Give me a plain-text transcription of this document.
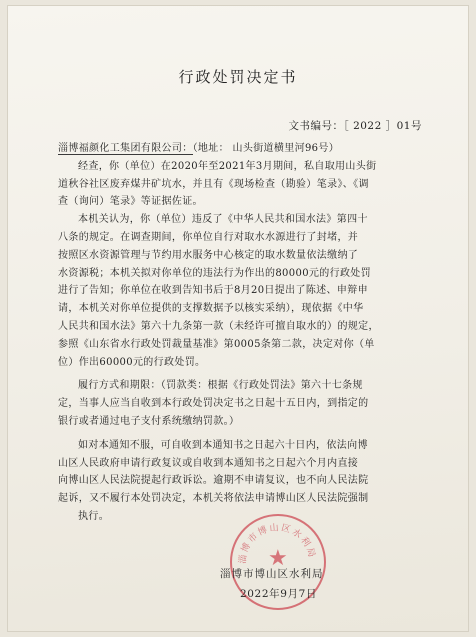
行政处罚决定书
文书编号：［ 2022 ］01号
淄博福颜化工集团有限公司：（地址： 山头街道横里河96号）
经查，你（单位）在2020年至2021年3月期间，私自取用山头街
道秋谷社区废弃煤井矿坑水，并且有《现场检查（勘验）笔录》、《调
查（询问）笔录》等证据佐证。
本机关认为，你（单位）违反了《中华人民共和国水法》第四十
八条的规定。在调查期间，你单位自行对取水水源进行了封堵，并
按照区水资源管理与节约用水服务中心核定的取水数量依法缴纳了
水资源税；本机关拟对你单位的违法行为作出的80000元的行政处罚
进行了告知；你单位在收到告知书后于8月20日提出了陈述、申辩申
请，本机关对你单位提供的支撑数据予以核实采纳），现依据《中华
人民共和国水法》第六十九条第一款（未经许可擅自取水的）的规定，
参照《山东省水行政处罚裁量基准》第0005条第二款，决定对你（单
位）作出60000元的行政处罚。
履行方式和期限：（罚款类：根据《行政处罚法》第六十七条规
定，当事人应当自收到本行政处罚决定书之日起十五日内，到指定的
银行或者通过电子支付系统缴纳罚款。）
如对本通知不服，可自收到本通知书之日起六十日内，依法向博
山区人民政府申请行政复议或自收到本通知书之日起六个月内直接
向博山区人民法院提起行政诉讼。逾期不申请复议，也不向人民法院
起诉，又不履行本处罚决定，本机关将依法申请博山区人民法院强制
执行。
淄博市博山区水利局
★
淄博市博山区水利局
2022年9月7日
